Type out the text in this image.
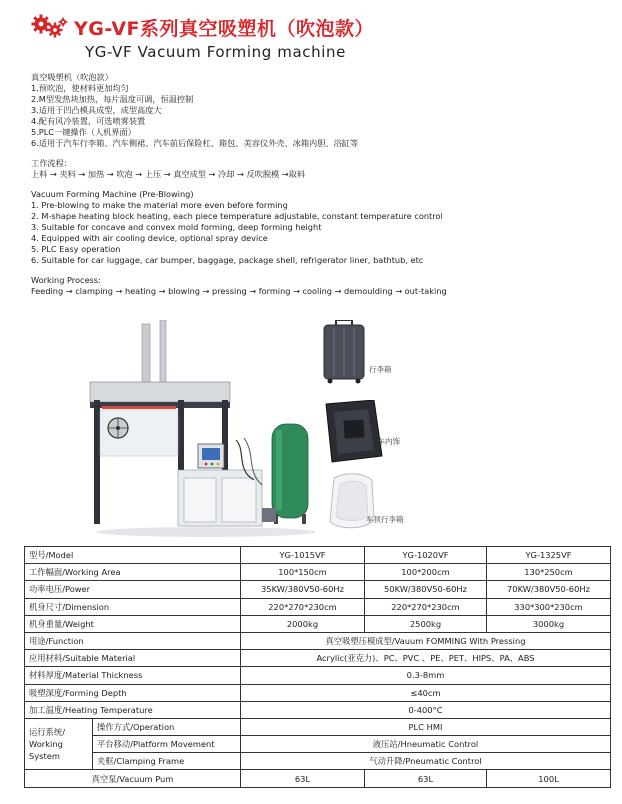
YG-VF系列真空吸塑机（吹泡款）
YG-VF Vacuum Forming machine
真空吸塑机（吹泡款）
1.预吹泡，使材料更加均匀
2.M型发热块加热，每片温度可调，恒温控制
3.适用于凹凸模具成型，成型高度大
4.配有风冷装置，可选喷雾装置
5.PLC一键操作（人机界面）
6.适用于汽车行李箱、汽车侧裙、汽车前后保险杠、箱包、美容仪外壳、冰箱内胆、浴缸等
工作流程：
上料 → 夹料 → 加热 → 吹泡 → 上压 → 真空成型 → 冷却 → 反吹脱模 →取料
Vacuum Forming Machine (Pre-Blowing)
1. Pre-blowing to make the material more even before forming
2. M-shape heating block heating, each piece temperature adjustable, constant temperature control
3. Suitable for concave and convex mold forming, deep forming height
4. Equipped with air cooling device, optional spray device
5. PLC Easy operation
6. Suitable for car luggage, car bumper, baggage, package shell, refrigerator liner, bathtub, etc
Working Process:
Feeding → clamping → heating → blowing → pressing → forming → cooling → demoulding → out-taking
行李箱
汽车内饰
车顶行李箱
型号/Model		YG-1015VF	YG-1020VF	YG-1325VF
工作幅面/Working Area		100*150cm	100*200cm	130*250cm
功率电压/Power		35KW/380V50-60Hz	50KW/380V50-60Hz	70KW/380V50-60Hz
机身尺寸/Dimension		220*270*230cm	220*270*230cm	330*300*230cm
机身重量/Weight		2000kg	2500kg	3000kg
用途/Function		真空吸塑压模成型/Vauum FOMMING With Pressing		
应用材料/Suitable Material		Acrylic(亚克力)、PC、PVC 、PE、PET、HIPS、PA、ABS		
材料厚度/Material Thickness		0.3-8mm		
吸塑深度/Forming Depth		≤40cm		
加工温度/Heating Temperature		0-400°C		
运行系统/
Working System	操作方式/Operation	PLC HMI		
	平台移动/Platform Movement	液压站/Hneumatic Control		
	夹框/Clamping Frame	气动升降/Pneumatic Control		
真空泵/Vacuum Pum		63L	63L	100L
